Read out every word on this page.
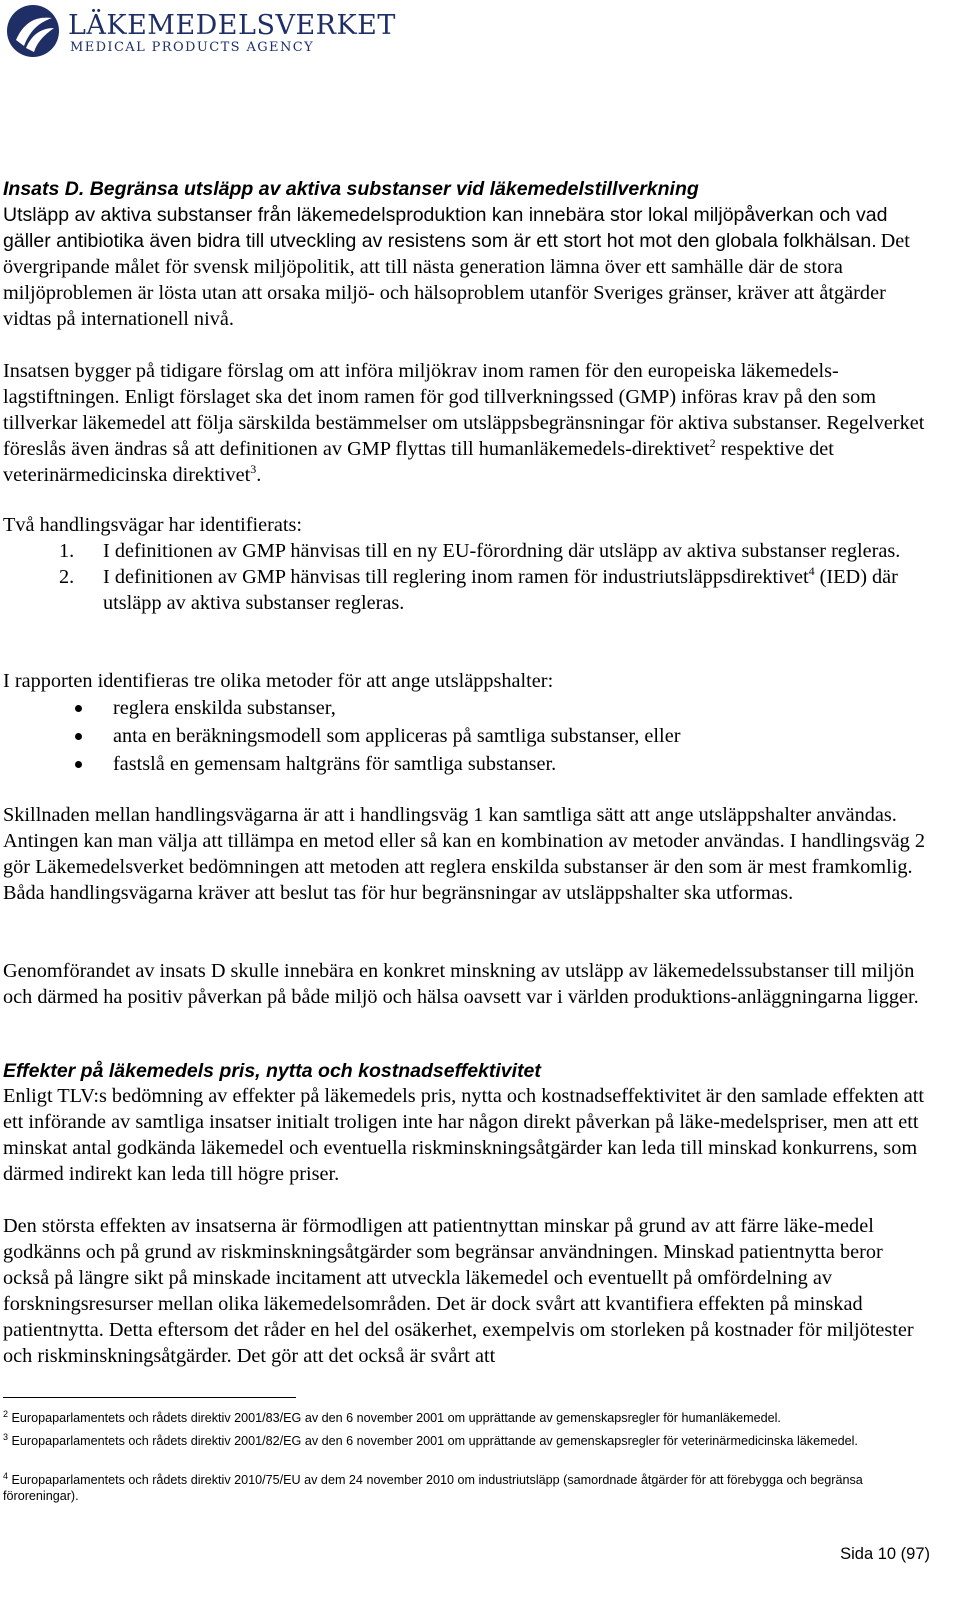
LÄKEMEDELSVERKET
MEDICAL PRODUCTS AGENCY
Insats D. Begränsa utsläpp av aktiva substanser vid läkemedelstillverkning
Utsläpp av aktiva substanser från läkemedelsproduktion kan innebära stor lokal miljöpåverkan och vad gäller antibiotika även bidra till utveckling av resistens som är ett stort hot mot den globala folkhälsan. Det övergripande målet för svensk miljöpolitik, att till nästa generation lämna över ett samhälle där de stora miljöproblemen är lösta utan att orsaka miljö- och hälsoproblem utanför Sveriges gränser, kräver att åtgärder vidtas på internationell nivå.
Insatsen bygger på tidigare förslag om att införa miljökrav inom ramen för den europeiska läkemedels-lagstiftningen. Enligt förslaget ska det inom ramen för god tillverkningssed (GMP) införas krav på den som tillverkar läkemedel att följa särskilda bestämmelser om utsläppsbegränsningar för aktiva substanser. Regelverket föreslås även ändras så att definitionen av GMP flyttas till humanläkemedels-direktivet$^2$ respektive det veterinärmedicinska direktivet$^3$.
Två handlingsvägar har identifierats:
1. I definitionen av GMP hänvisas till en ny EU-förordning där utsläpp av aktiva substanser regleras.
2. I definitionen av GMP hänvisas till reglering inom ramen för industriutsläppsdirektivet$^4$ (IED) där utsläpp av aktiva substanser regleras.
I rapporten identifieras tre olika metoder för att ange utsläppshalter:
reglera enskilda substanser,
anta en beräkningsmodell som appliceras på samtliga substanser, eller
fastslå en gemensam haltgräns för samtliga substanser.
Skillnaden mellan handlingsvägarna är att i handlingsväg 1 kan samtliga sätt att ange utsläppshalter användas. Antingen kan man välja att tillämpa en metod eller så kan en kombination av metoder användas. I handlingsväg 2 gör Läkemedelsverket bedömningen att metoden att reglera enskilda substanser är den som är mest framkomlig. Båda handlingsvägarna kräver att beslut tas för hur begränsningar av utsläppshalter ska utformas.
Genomförandet av insats D skulle innebära en konkret minskning av utsläpp av läkemedelssubstanser till miljön och därmed ha positiv påverkan på både miljö och hälsa oavsett var i världen produktions-anläggningarna ligger.
Effekter på läkemedels pris, nytta och kostnadseffektivitet
Enligt TLV:s bedömning av effekter på läkemedels pris, nytta och kostnadseffektivitet är den samlade effekten att ett införande av samtliga insatser initialt troligen inte har någon direkt påverkan på läke-medelspriser, men att ett minskat antal godkända läkemedel och eventuella riskminskningsåtgärder kan leda till minskad konkurrens, som därmed indirekt kan leda till högre priser.
Den största effekten av insatserna är förmodligen att patientnyttan minskar på grund av att färre läke-medel godkänns och på grund av riskminskningsåtgärder som begränsar användningen. Minskad patientnytta beror också på längre sikt på minskade incitament att utveckla läkemedel och eventuellt på omfördelning av forskningsresurser mellan olika läkemedelsområden. Det är dock svårt att kvantifiera effekten på minskad patientnytta. Detta eftersom det råder en hel del osäkerhet, exempelvis om storleken på kostnader för miljötester och riskminskningsåtgärder. Det gör att det också är svårt att
$^2$ Europaparlamentets och rådets direktiv 2001/83/EG av den 6 november 2001 om upprättande av gemenskapsregler för humanläkemedel.
$^3$ Europaparlamentets och rådets direktiv 2001/82/EG av den 6 november 2001 om upprättande av gemenskapsregler för veterinärmedicinska läkemedel.
$^4$ Europaparlamentets och rådets direktiv 2010/75/EU av dem 24 november 2010 om industriutsläpp (samordnade åtgärder för att förebygga och begränsa föroreningar).
Sida 10 (97)
